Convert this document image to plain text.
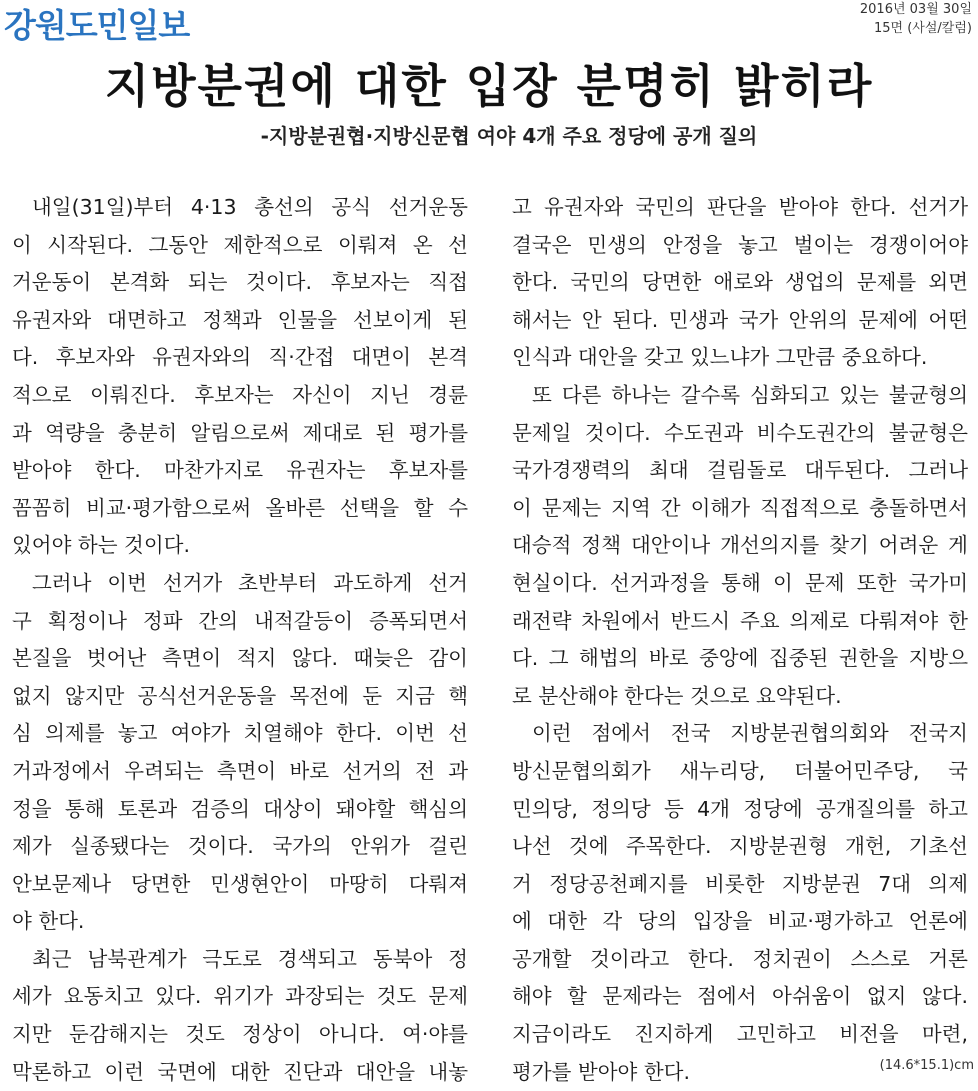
강원도민일보	2016년 03월 30일
15면 (사설/칼럼)
지방분권에 대한 입장 분명히 밝히라
-지방분권협·지방신문협 여야 4개 주요 정당에 공개 질의
내일(31일)부터 4·13 총선의 공식 선거운동
이 시작된다. 그동안 제한적으로 이뤄져 온 선
거운동이 본격화 되는 것이다. 후보자는 직접
유권자와 대면하고 정책과 인물을 선보이게 된
다. 후보자와 유권자와의 직·간접 대면이 본격
적으로 이뤄진다. 후보자는 자신이 지닌 경륜
과 역량을 충분히 알림으로써 제대로 된 평가를
받아야 한다. 마찬가지로 유권자는 후보자를
꼼꼼히 비교·평가함으로써 올바른 선택을 할 수
있어야 하는 것이다.
그러나 이번 선거가 초반부터 과도하게 선거
구 획정이나 정파 간의 내적갈등이 증폭되면서
본질을 벗어난 측면이 적지 않다. 때늦은 감이
없지 않지만 공식선거운동을 목전에 둔 지금 핵
심 의제를 놓고 여야가 치열해야 한다. 이번 선
거과정에서 우려되는 측면이 바로 선거의 전 과
정을 통해 토론과 검증의 대상이 돼야할 핵심의
제가 실종됐다는 것이다. 국가의 안위가 걸린
안보문제나 당면한 민생현안이 마땅히 다뤄져
야 한다.
최근 남북관계가 극도로 경색되고 동북아 정
세가 요동치고 있다. 위기가 과장되는 것도 문제
지만 둔감해지는 것도 정상이 아니다. 여·야를
막론하고 이런 국면에 대한 진단과 대안을 내놓
고 유권자와 국민의 판단을 받아야 한다. 선거가
결국은 민생의 안정을 놓고 벌이는 경쟁이어야
한다. 국민의 당면한 애로와 생업의 문제를 외면
해서는 안 된다. 민생과 국가 안위의 문제에 어떤
인식과 대안을 갖고 있느냐가 그만큼 중요하다.
또 다른 하나는 갈수록 심화되고 있는 불균형의
문제일 것이다. 수도권과 비수도권간의 불균형은
국가경쟁력의 최대 걸림돌로 대두된다. 그러나
이 문제는 지역 간 이해가 직접적으로 충돌하면서
대승적 정책 대안이나 개선의지를 찾기 어려운 게
현실이다. 선거과정을 통해 이 문제 또한 국가미
래전략 차원에서 반드시 주요 의제로 다뤄져야 한
다. 그 해법의 바로 중앙에 집중된 권한을 지방으
로 분산해야 한다는 것으로 요약된다.
이런 점에서 전국 지방분권협의회와 전국지
방신문협의회가 새누리당, 더불어민주당, 국
민의당, 정의당 등 4개 정당에 공개질의를 하고
나선 것에 주목한다. 지방분권형 개헌, 기초선
거 정당공천폐지를 비롯한 지방분권 7대 의제
에 대한 각 당의 입장을 비교·평가하고 언론에
공개할 것이라고 한다. 정치권이 스스로 거론
해야 할 문제라는 점에서 아쉬움이 없지 않다.
지금이라도 진지하게 고민하고 비전을 마련,
평가를 받아야 한다.	(14.6*15.1)cm
